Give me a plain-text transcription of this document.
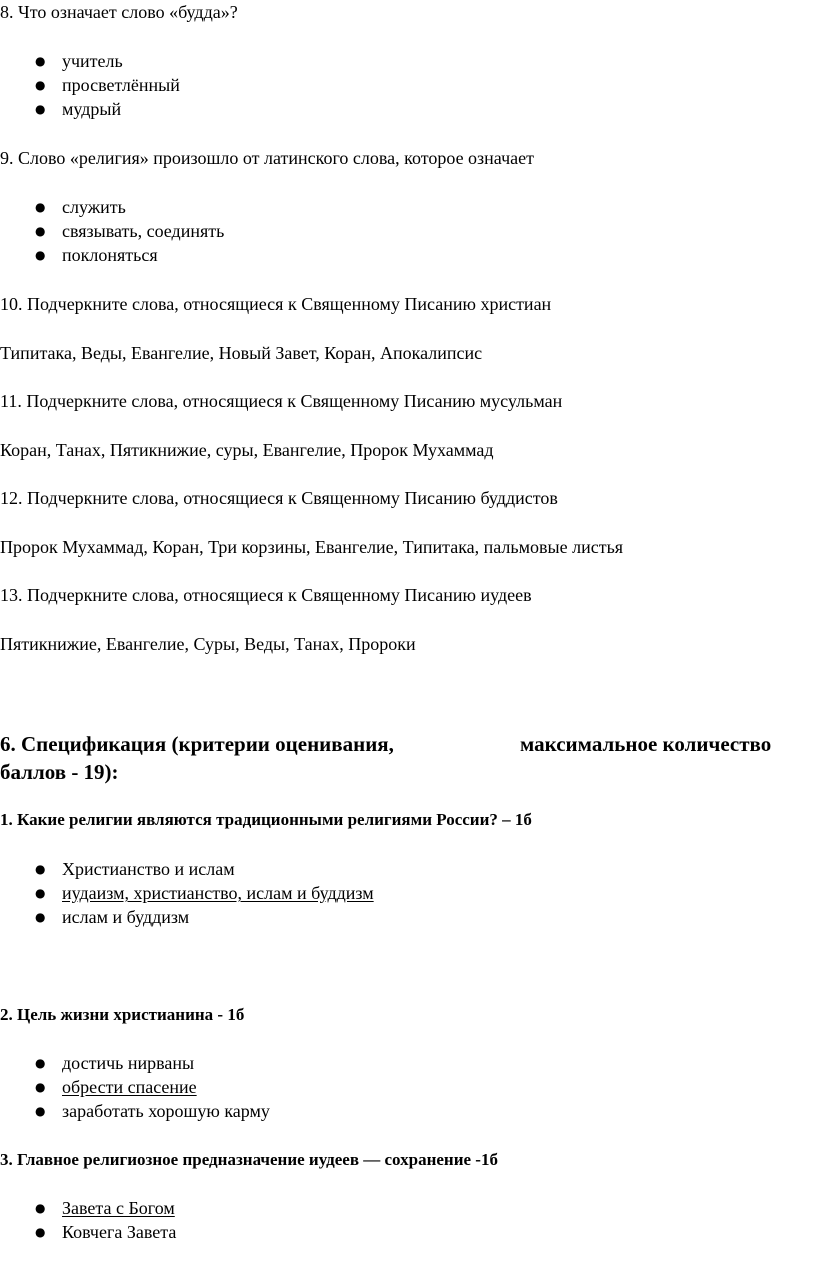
8. Что означает слово «будда»?
● учитель
● просветлённый
● мудрый
9. Слово «религия» произошло от латинского слова, которое означает
● служить
● связывать, соединять
● поклоняться
10. Подчеркните слова, относящиеся к Священному Писанию христиан
Типитака, Веды, Евангелие, Новый Завет, Коран, Апокалипсис
11. Подчеркните слова, относящиеся к Священному Писанию мусульман
Коран, Танах, Пятикнижие, суры, Евангелие, Пророк Мухаммад
12. Подчеркните слова, относящиеся к Священному Писанию буддистов
Пророк Мухаммад, Коран, Три корзины, Евангелие, Типитака, пальмовые листья
13. Подчеркните слова, относящиеся к Священному Писанию иудеев
Пятикнижие, Евангелие, Суры, Веды, Танах, Пророки
6. Спецификация (критерии оценивания,	максимальное количество
баллов - 19):
1. Какие религии являются традиционными религиями России? – 1б
● Христианство и ислам
● иудаизм, христианство, ислам и буддизм
● ислам и буддизм
2. Цель жизни христианина - 1б
● достичь нирваны
● обрести спасение
● заработать хорошую карму
3. Главное религиозное предназначение иудеев — сохранение -1б
● Завета с Богом
● Ковчега Завета
